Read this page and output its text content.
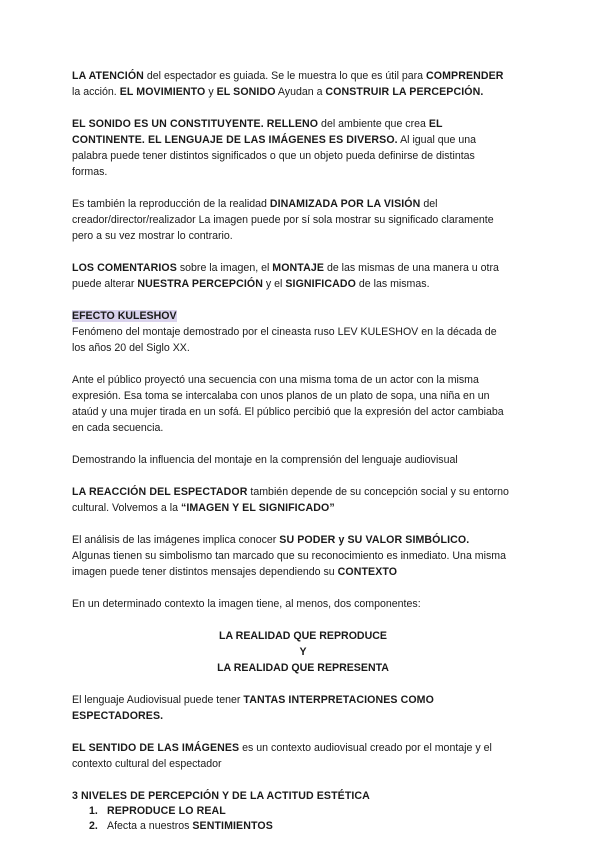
LA ATENCIÓN del espectador es guiada. Se le muestra lo que es útil para COMPRENDER

la acción. EL MOVIMIENTO y EL SONIDO Ayudan a CONSTRUIR LA PERCEPCIÓN.

EL SONIDO ES UN CONSTITUYENTE. RELLENO del ambiente que crea EL

CONTINENTE. EL LENGUAJE DE LAS IMÁGENES ES DIVERSO. Al igual que una

palabra puede tener distintos significados o que un objeto pueda definirse de distintas

formas.

Es también la reproducción de la realidad DINAMIZADA POR LA VISIÓN del

creador/director/realizador La imagen puede por sí sola mostrar su significado claramente

pero a su vez mostrar lo contrario.

LOS COMENTARIOS sobre la imagen, el MONTAJE de las mismas de una manera u otra

puede alterar NUESTRA PERCEPCIÓN y el SIGNIFICADO de las mismas.

EFECTO KULESHOV

Fenómeno del montaje demostrado por el cineasta ruso LEV KULESHOV en la década de

los años 20 del Siglo XX.

Ante el público proyectó una secuencia con una misma toma de un actor con la misma

expresión. Esa toma se intercalaba con unos planos de un plato de sopa, una niña en un

ataúd y una mujer tirada en un sofá. El público percibió que la expresión del actor cambiaba

en cada secuencia.

Demostrando la influencia del montaje en la comprensión del lenguaje audiovisual

LA REACCIÓN DEL ESPECTADOR también depende de su concepción social y su entorno

cultural. Volvemos a la “IMAGEN Y EL SIGNIFICADO”

El análisis de las imágenes implica conocer SU PODER y SU VALOR SIMBÓLICO.

Algunas tienen su simbolismo tan marcado que su reconocimiento es inmediato. Una misma

imagen puede tener distintos mensajes dependiendo su CONTEXTO

En un determinado contexto la imagen tiene, al menos, dos componentes:

LA REALIDAD QUE REPRODUCE

Y

LA REALIDAD QUE REPRESENTA

El lenguaje Audiovisual puede tener TANTAS INTERPRETACIONES COMO

ESPECTADORES.

EL SENTIDO DE LAS IMÁGENES es un contexto audiovisual creado por el montaje y el

contexto cultural del espectador

3 NIVELES DE PERCEPCIÓN Y DE LA ACTITUD ESTÉTICA

1. REPRODUCE LO REAL
2. Afecta a nuestros SENTIMIENTOS
